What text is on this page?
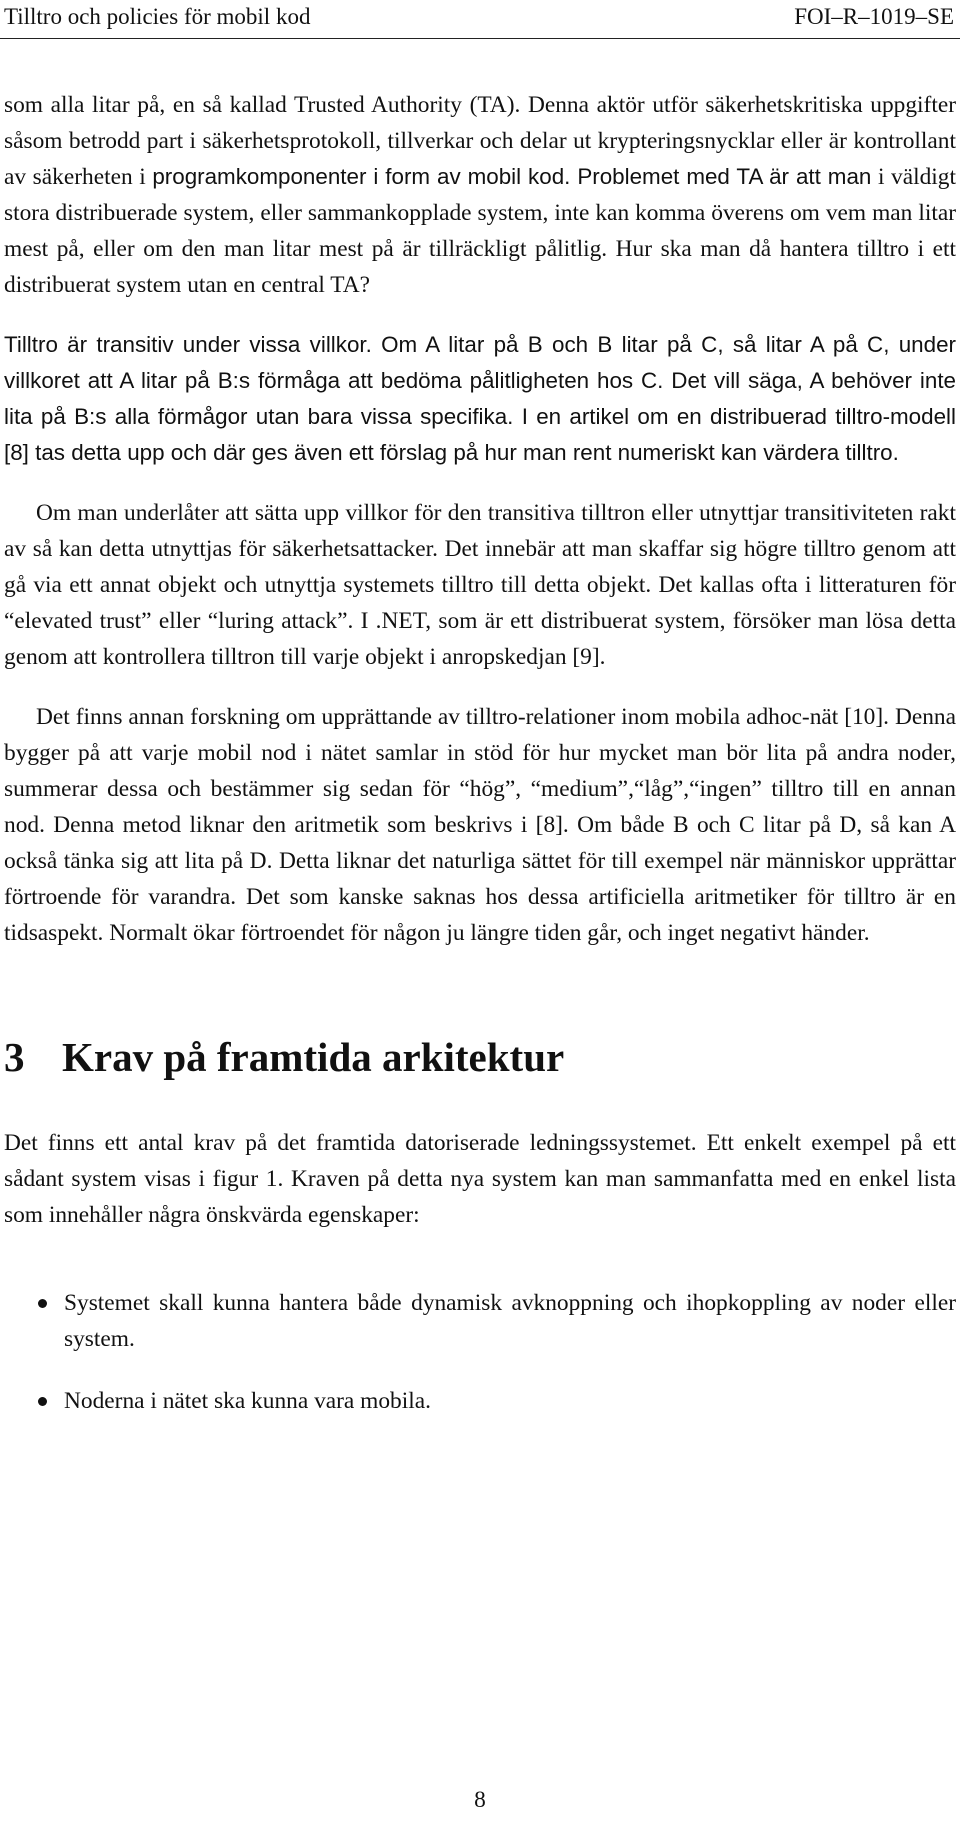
Tilltro och policies för mobil kod	FOI–R–1019–SE

som alla litar på, en så kallad Trusted Authority (TA). Denna aktör utför säkerhetskritiska uppgifter såsom betrodd part i säkerhetsprotokoll, tillverkar och delar ut krypteringsnycklar eller är kontrollant av säkerheten i programkomponenter i form av mobil kod. Problemet med TA är att man i väldigt stora distribuerade system, eller sammankopplade system, inte kan komma överens om vem man litar mest på, eller om den man litar mest på är tillräckligt pålitlig. Hur ska man då hantera tilltro i ett distribuerat system utan en central TA?

Tilltro är transitiv under vissa villkor. Om A litar på B och B litar på C, så litar A på C, under villkoret att A litar på B:s förmåga att bedöma pålitligheten hos C. Det vill säga, A behöver inte lita på B:s alla förmågor utan bara vissa specifika. I en artikel om en distribuerad tilltro-modell [8] tas detta upp och där ges även ett förslag på hur man rent numeriskt kan värdera tilltro.

Om man underlåter att sätta upp villkor för den transitiva tilltron eller utnyttjar transitiviteten rakt av så kan detta utnyttjas för säkerhetsattacker. Det innebär att man skaffar sig högre tilltro genom att gå via ett annat objekt och utnyttja systemets tilltro till detta objekt. Det kallas ofta i litteraturen för “elevated trust” eller “luring attack”. I .NET, som är ett distribuerat system, försöker man lösa detta genom att kontrollera tilltron till varje objekt i anropskedjan [9].

Det finns annan forskning om upprättande av tilltro-relationer inom mobila adhoc-nät [10]. Denna bygger på att varje mobil nod i nätet samlar in stöd för hur mycket man bör lita på andra noder, summerar dessa och bestämmer sig sedan för “hög”, “medium”,“låg”,“ingen” tilltro till en annan nod. Denna metod liknar den aritmetik som beskrivs i [8]. Om både B och C litar på D, så kan A också tänka sig att lita på D. Detta liknar det naturliga sättet för till exempel när människor upprättar förtroende för varandra. Det som kanske saknas hos dessa artificiella aritmetiker för tilltro är en tidsaspekt. Normalt ökar förtroendet för någon ju längre tiden går, och inget negativt händer.

3 Krav på framtida arkitektur

Det finns ett antal krav på det framtida datoriserade ledningssystemet. Ett enkelt exempel på ett sådant system visas i figur 1. Kraven på detta nya system kan man sammanfatta med en enkel lista som innehåller några önskvärda egenskaper:

Systemet skall kunna hantera både dynamisk avknoppning och ihopkoppling av noder eller system.
Noderna i nätet ska kunna vara mobila.
8
